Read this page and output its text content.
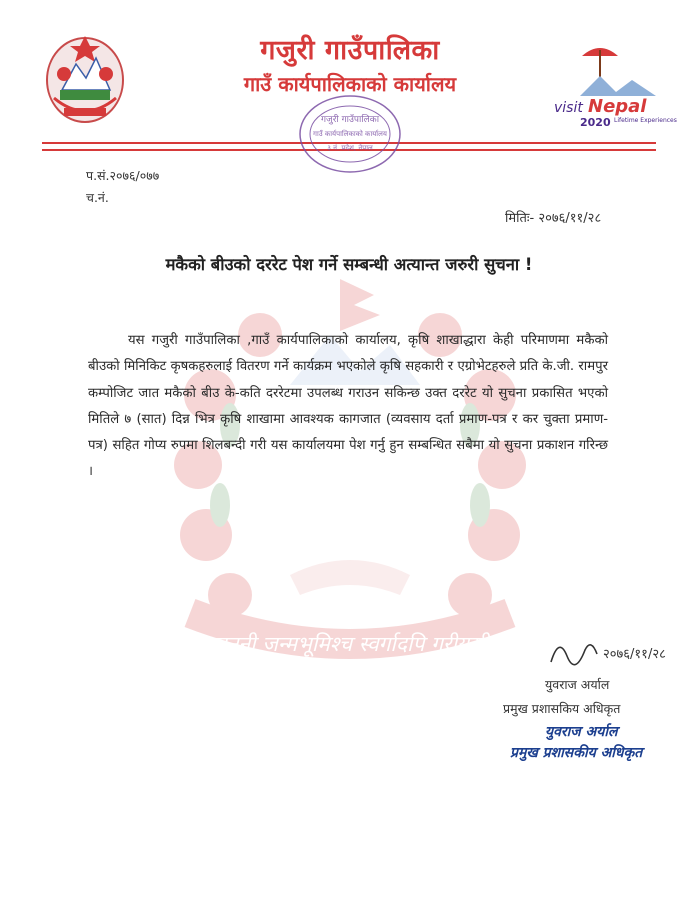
गजुरी गाउँपालिका
गाउँ कार्यपालिकाको कार्यालय
visit Nepal
2020 Lifetime Experiences
गजुरी गाउँपालिका
गाउँ कार्यपालिकाको कार्यालय
३ नं. प्रदेश, नेपाल
प.सं.२०७६/०७७
च.नं.
मितिः- २०७६/११/२८
मकैको बीउको दररेट पेश गर्ने सम्बन्धी अत्यान्त जरुरी सुचना !
जननी जन्मभूमिश्च स्वर्गादपि गरीयसी
यस गजुरी गाउँपालिका ,गाउँ कार्यपालिकाको कार्यालय, कृषि शाखाद्धारा केही परिमाणमा मकैको बीउको मिनिकिट कृषकहरुलाई वितरण गर्ने कार्यक्रम भएकोले कृषि सहकारी र एग्रोभेटहरुले प्रति के.जी. रामपुर कम्पोजिट जात मकैको बीउ के-कति दररेटमा उपलब्ध गराउन सकिन्छ उक्त दररेट यो सुचना प्रकासित भएको मितिले ७ (सात) दिन्न भित्र कृषि शाखामा आवश्यक कागजात (व्यवसाय दर्ता प्रमाण-पत्र र कर चुक्ता प्रमाण-पत्र) सहित गोप्य रुपमा शिलबन्दी गरी यस कार्यालयमा पेश गर्नु हुन सम्बन्धित सबैमा यो सुचना प्रकाशन गरिन्छ ।
२०७६/११/२८
युवराज अर्याल
प्रमुख प्रशासकिय अधिकृत
युवराज अर्याल
प्रमुख प्रशासकीय अधिकृत
